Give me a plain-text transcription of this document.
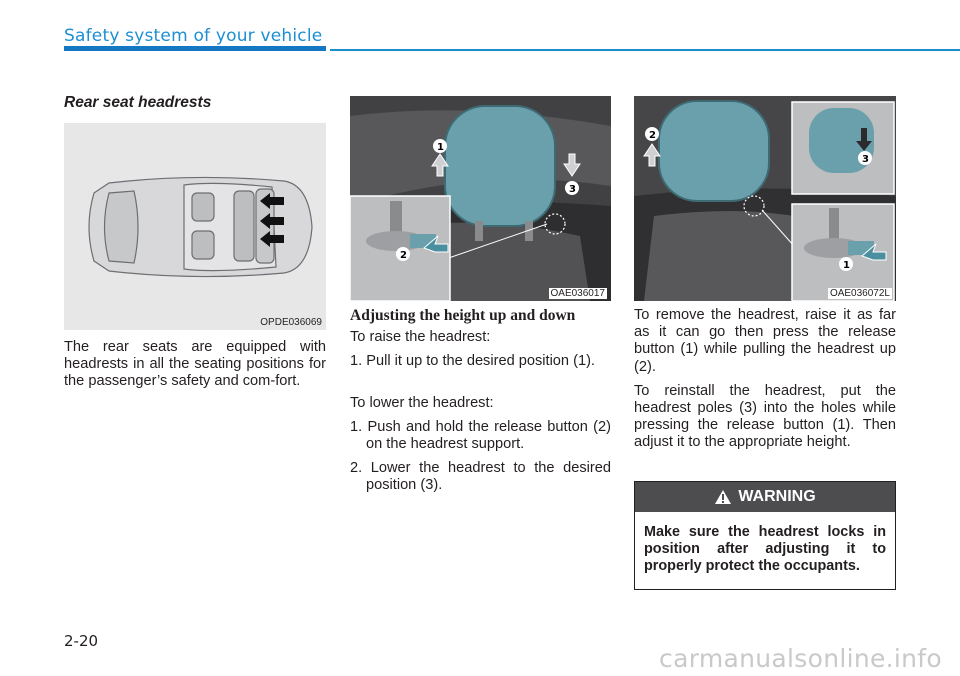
Safety system of your vehicle
Rear seat headrests
OPDE036069
1
3
2
OAE036017
2
3
1
OAE036072L

The rear seats are equipped with headrests in all the seating positions for the passenger’s safety and com-fort.

Adjusting the height up and down

To raise the headrest:

1. Pull it up to the desired position (1).

To lower the headrest:

1. Push and hold the release button (2) on the headrest support.

2. Lower the headrest to the desired position (3).

To remove the headrest, raise it as far as it can go then press the release button (1) while pulling the headrest up (2).

To reinstall the headrest, put the headrest poles (3) into the holes while pressing the release button (1). Then adjust it to the appropriate height.

WARNING
Make sure the headrest locks in position after adjusting it to properly protect the occupants.
2-20
carmanualsonline.info
